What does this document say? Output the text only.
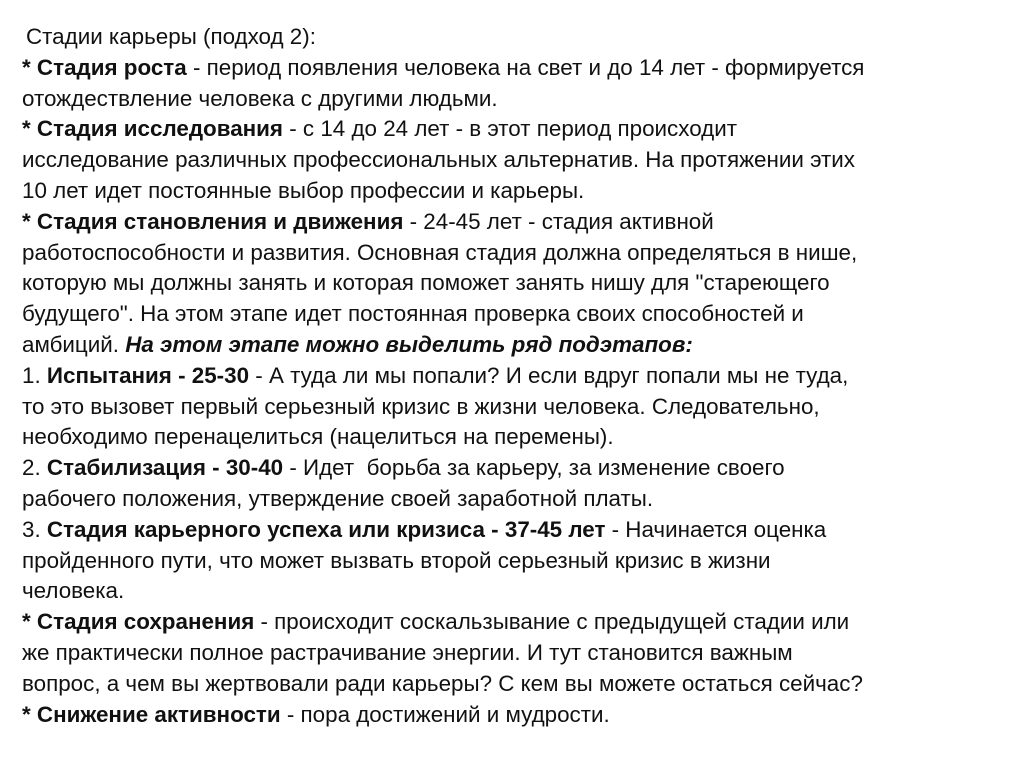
Стадии карьеры (подход 2):
* Стадия роста - период появления человека на свет и до 14 лет - формируется
отождествление человека с другими людьми.
* Стадия исследования - с 14 до 24 лет - в этот период происходит
исследование различных профессиональных альтернатив. На протяжении этих
10 лет идет постоянные выбор профессии и карьеры.
* Стадия становления и движения - 24-45 лет - стадия активной
работоспособности и развития. Основная стадия должна определяться в нише,
которую мы должны занять и которая поможет занять нишу для "стареющего
будущего". На этом этапе идет постоянная проверка своих способностей и
амбиций. На этом этапе можно выделить ряд подэтапов:
1. Испытания - 25-30 - А туда ли мы попали? И если вдруг попали мы не туда,
то это вызовет первый серьезный кризис в жизни человека. Следовательно,
необходимо перенацелиться (нацелиться на перемены).
2. Стабилизация - 30-40 - Идет  борьба за карьеру, за изменение своего
рабочего положения, утверждение своей заработной платы.
3. Стадия карьерного успеха или кризиса - 37-45 лет - Начинается оценка
пройденного пути, что может вызвать второй серьезный кризис в жизни
человека.
* Стадия сохранения - происходит соскальзывание с предыдущей стадии или
же практически полное растрачивание энергии. И тут становится важным
вопрос, а чем вы жертвовали ради карьеры? С кем вы можете остаться сейчас?
* Снижение активности - пора достижений и мудрости.
